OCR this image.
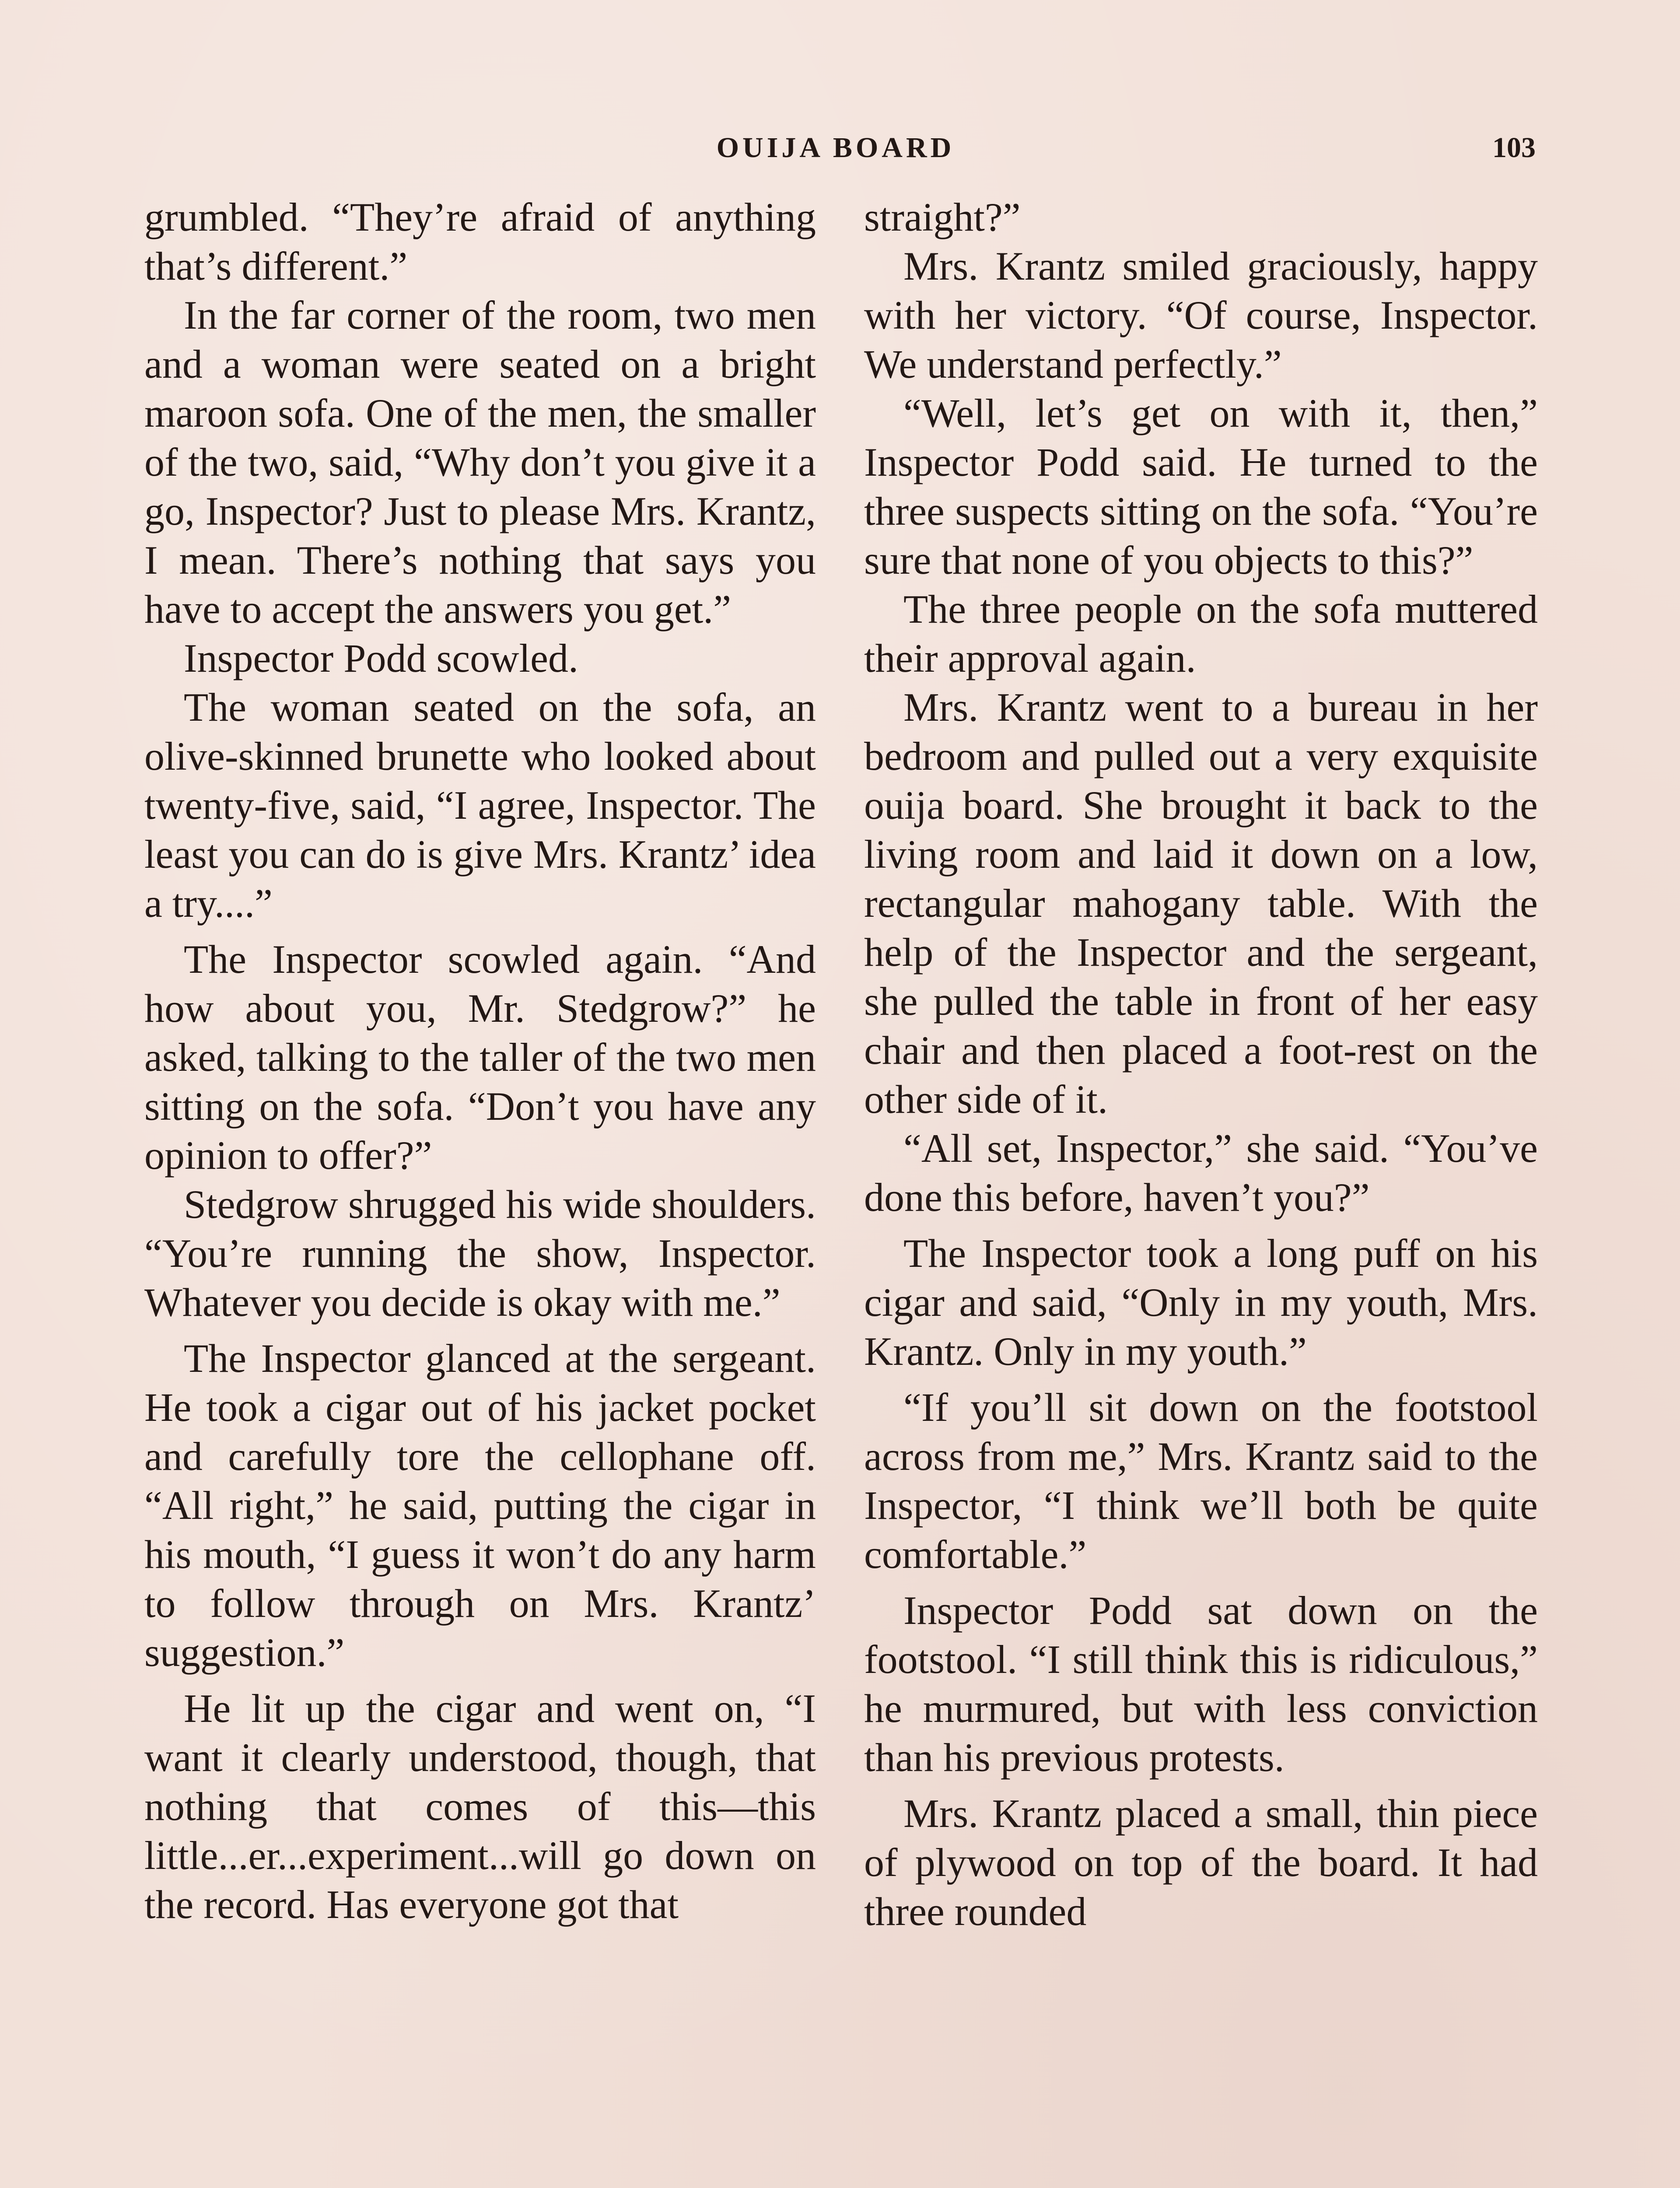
OUIJA BOARD	103

grumbled. “They’re afraid of anything that’s different.”

In the far corner of the room, two men and a woman were seated on a bright maroon sofa. One of the men, the smaller of the two, said, “Why don’t you give it a go, Inspector? Just to please Mrs. Krantz, I mean. There’s nothing that says you have to accept the answers you get.”

Inspector Podd scowled.

The woman seated on the sofa, an olive-skinned brunette who looked about twenty-five, said, “I agree, Inspector. The least you can do is give Mrs. Krantz’ idea a try....”

The Inspector scowled again. “And how about you, Mr. Stedgrow?” he asked, talking to the taller of the two men sitting on the sofa. “Don’t you have any opinion to offer?”

Stedgrow shrugged his wide shoulders. “You’re running the show, Inspector. Whatever you decide is okay with me.”

The Inspector glanced at the sergeant. He took a cigar out of his jacket pocket and carefully tore the cellophane off. “All right,” he said, putting the cigar in his mouth, “I guess it won’t do any harm to follow through on Mrs. Krantz’ suggestion.”

He lit up the cigar and went on, “I want it clearly understood, though, that nothing that comes of this—this little...er...experiment...will go down on the record. Has everyone got that

straight?”

Mrs. Krantz smiled graciously, happy with her victory. “Of course, Inspector. We understand perfectly.”

“Well, let’s get on with it, then,” Inspector Podd said. He turned to the three suspects sitting on the sofa. “You’re sure that none of you objects to this?”

The three people on the sofa muttered their approval again.

Mrs. Krantz went to a bureau in her bedroom and pulled out a very exquisite ouija board. She brought it back to the living room and laid it down on a low, rectangular mahogany table. With the help of the Inspector and the sergeant, she pulled the table in front of her easy chair and then placed a foot-rest on the other side of it.

“All set, Inspector,” she said. “You’ve done this before, haven’t you?”

The Inspector took a long puff on his cigar and said, “Only in my youth, Mrs. Krantz. Only in my youth.”

“If you’ll sit down on the footstool across from me,” Mrs. Krantz said to the Inspector, “I think we’ll both be quite comfortable.”

Inspector Podd sat down on the footstool. “I still think this is ridiculous,” he murmured, but with less conviction than his previous protests.

Mrs. Krantz placed a small, thin piece of plywood on top of the board. It had three rounded
